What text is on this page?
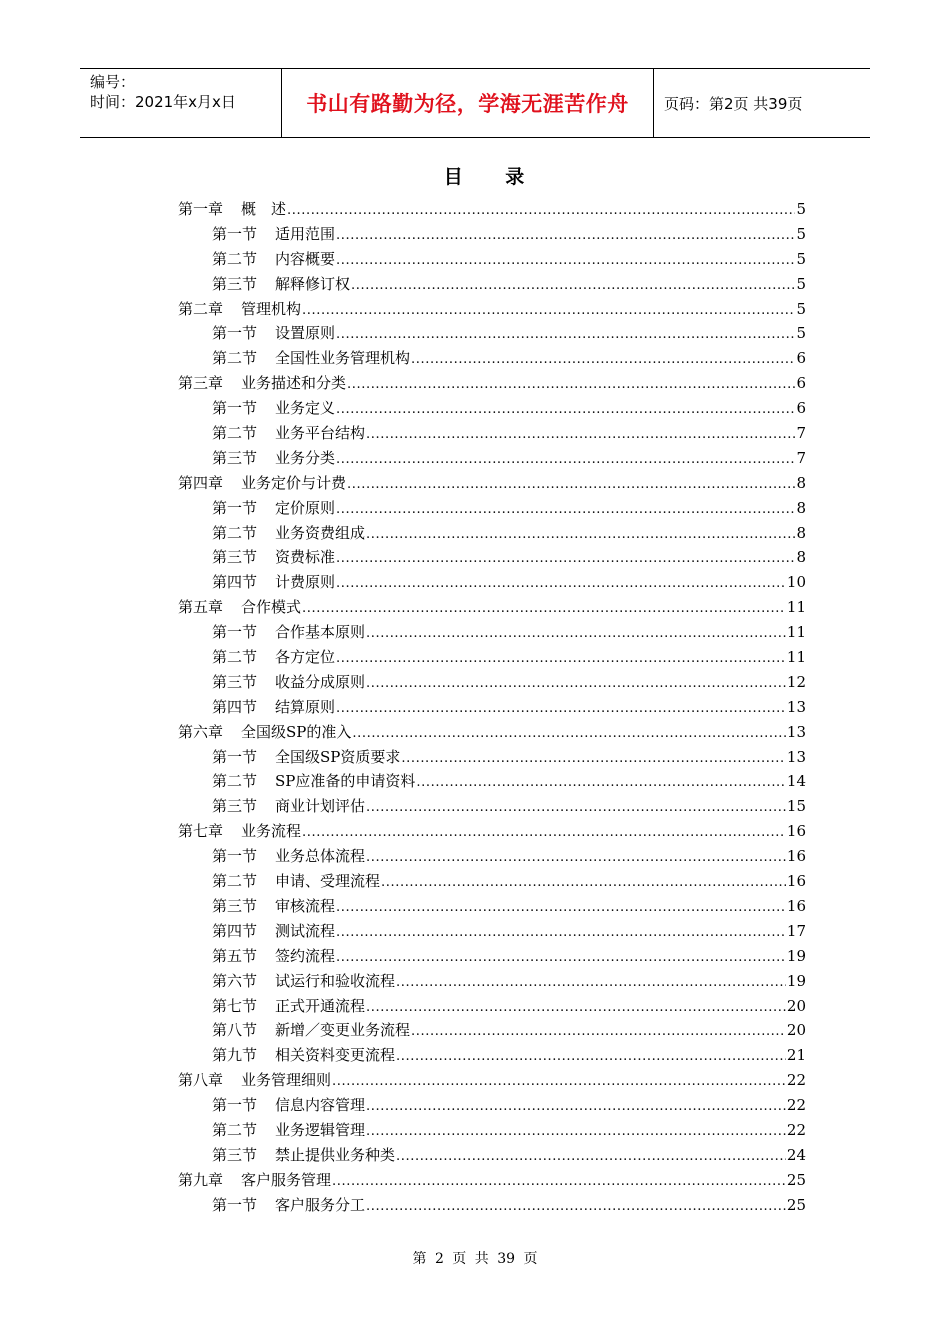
编号：
时间：2021年x月x日	书山有路勤为径，学海无涯苦作舟	页码：第2页 共39页
目 录
第一章 概　述 .....	5
第一节 适用范围 .....	5
第二节 内容概要 .....	5
第三节 解释修订权 .....	5
第二章 管理机构 .....	5
第一节 设置原则 .....	5
第二节 全国性业务管理机构 .....	6
第三章 业务描述和分类 .....	6
第一节 业务定义 .....	6
第二节 业务平台结构 .....	7
第三节 业务分类 .....	7
第四章 业务定价与计费 .....	8
第一节 定价原则 .....	8
第二节 业务资费组成 .....	8
第三节 资费标准 .....	8
第四节 计费原则 .....	10
第五章 合作模式 .....	11
第一节 合作基本原则 .....	11
第二节 各方定位 .....	11
第三节 收益分成原则 .....	12
第四节 结算原则 .....	13
第六章 全国级SP的准入 .....	13
第一节 全国级SP资质要求 .....	13
第二节 SP应准备的申请资料 .....	14
第三节 商业计划评估 .....	15
第七章 业务流程 .....	16
第一节 业务总体流程 .....	16
第二节 申请、受理流程 .....	16
第三节 审核流程 .....	16
第四节 测试流程 .....	17
第五节 签约流程 .....	19
第六节 试运行和验收流程 .....	19
第七节 正式开通流程 .....	20
第八节 新增／变更业务流程 .....	20
第九节 相关资料变更流程 .....	21
第八章 业务管理细则 .....	22
第一节 信息内容管理 .....	22
第二节 业务逻辑管理 .....	22
第三节 禁止提供业务种类 .....	24
第九章 客户服务管理 .....	25
第一节 客户服务分工 .....	25
第 2 页 共 39 页
